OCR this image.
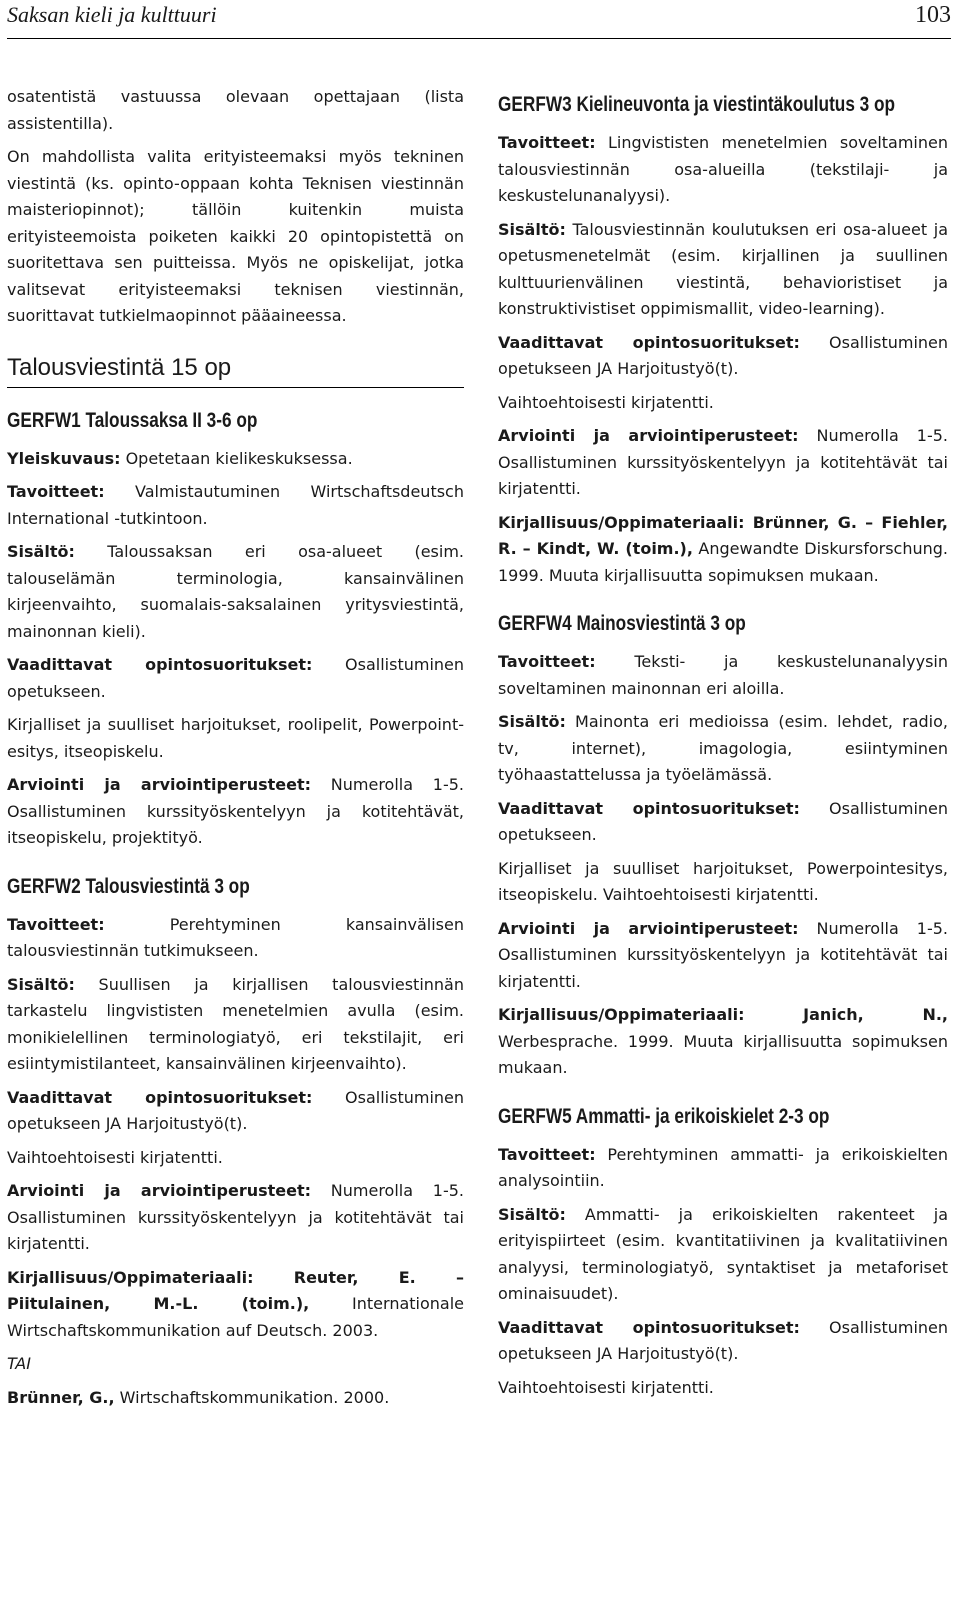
Saksan kieli ja kulttuuri	103

osatentistä vastuussa olevaan opettajaan (lista assistentilla).

On mahdollista valita erityisteemaksi myös tekninen viestintä (ks. opinto-oppaan kohta Teknisen viestinnän maisteriopinnot); tällöin kuitenkin muista erityisteemoista poiketen kaikki 20 opintopistettä on suoritettava sen puitteissa. Myös ne opiskelijat, jotka valitsevat erityisteemaksi teknisen viestinnän, suorittavat tutkielmaopinnot pääaineessa.

Talousviestintä 15 op
GERFW1 Taloussaksa II 3-6 op

Yleiskuvaus: Opetetaan kielikeskuksessa.

Tavoitteet: Valmistautuminen Wirtschaftsdeutsch International -tutkintoon.

Sisältö: Taloussaksan eri osa-alueet (esim. talouselämän terminologia, kansainvälinen kirjeenvaihto, suomalais-saksalainen yritysviestintä, mainonnan kieli).

Vaadittavat opintosuoritukset: Osallistuminen opetukseen.

Kirjalliset ja suulliset harjoitukset, roolipelit, Powerpoint-esitys, itseopiskelu.

Arviointi ja arviointiperusteet: Numerolla 1-5. Osallistuminen kurssityöskentelyyn ja kotitehtävät, itseopiskelu, projektityö.

GERFW2 Talousviestintä 3 op

Tavoitteet: Perehtyminen kansainvälisen talousviestinnän tutkimukseen.

Sisältö: Suullisen ja kirjallisen talousviestinnän tarkastelu lingvististen menetelmien avulla (esim. monikielellinen terminologiatyö, eri tekstilajit, eri esiintymistilanteet, kansainvälinen kirjeenvaihto).

Vaadittavat opintosuoritukset: Osallistuminen opetukseen JA Harjoitustyö(t).

Vaihtoehtoisesti kirjatentti.

Arviointi ja arviointiperusteet: Numerolla 1-5. Osallistuminen kurssityöskentelyyn ja kotitehtävät tai kirjatentti.

Kirjallisuus/Oppimateriaali: Reuter, E. – Piitulainen, M.-L. (toim.), Internationale Wirtschaftskommunikation auf Deutsch. 2003.

TAI

Brünner, G., Wirtschaftskommunikation. 2000.

GERFW3 Kielineuvonta ja viestintäkoulutus 3 op

Tavoitteet: Lingvististen menetelmien soveltaminen talousviestinnän osa-alueilla (tekstilaji- ja keskustelunanalyysi).

Sisältö: Talousviestinnän koulutuksen eri osa-alueet ja opetusmenetelmät (esim. kirjallinen ja suullinen kulttuurienvälinen viestintä, behavioristiset ja konstruktivistiset oppimismallit, video-learning).

Vaadittavat opintosuoritukset: Osallistuminen opetukseen JA Harjoitustyö(t).

Vaihtoehtoisesti kirjatentti.

Arviointi ja arviointiperusteet: Numerolla 1-5. Osallistuminen kurssityöskentelyyn ja kotitehtävät tai kirjatentti.

Kirjallisuus/Oppimateriaali: Brünner, G. – Fiehler, R. – Kindt, W. (toim.), Angewandte Diskursforschung. 1999. Muuta kirjallisuutta sopimuksen mukaan.

GERFW4 Mainosviestintä 3 op

Tavoitteet: Teksti- ja keskustelunanalyysin soveltaminen mainonnan eri aloilla.

Sisältö: Mainonta eri medioissa (esim. lehdet, radio, tv, internet), imagologia, esiintyminen työhaastattelussa ja työelämässä.

Vaadittavat opintosuoritukset: Osallistuminen opetukseen.

Kirjalliset ja suulliset harjoitukset, Powerpointesitys, itseopiskelu. Vaihtoehtoisesti kirjatentti.

Arviointi ja arviointiperusteet: Numerolla 1-5. Osallistuminen kurssityöskentelyyn ja kotitehtävät tai kirjatentti.

Kirjallisuus/Oppimateriaali: Janich, N., Werbesprache. 1999. Muuta kirjallisuutta sopimuksen mukaan.

GERFW5 Ammatti- ja erikoiskielet 2-3 op

Tavoitteet: Perehtyminen ammatti- ja erikoiskielten analysointiin.

Sisältö: Ammatti- ja erikoiskielten rakenteet ja erityispiirteet (esim. kvantitatiivinen ja kvalitatiivinen analyysi, terminologiatyö, syntaktiset ja metaforiset ominaisuudet).

Vaadittavat opintosuoritukset: Osallistuminen opetukseen JA Harjoitustyö(t).

Vaihtoehtoisesti kirjatentti.
